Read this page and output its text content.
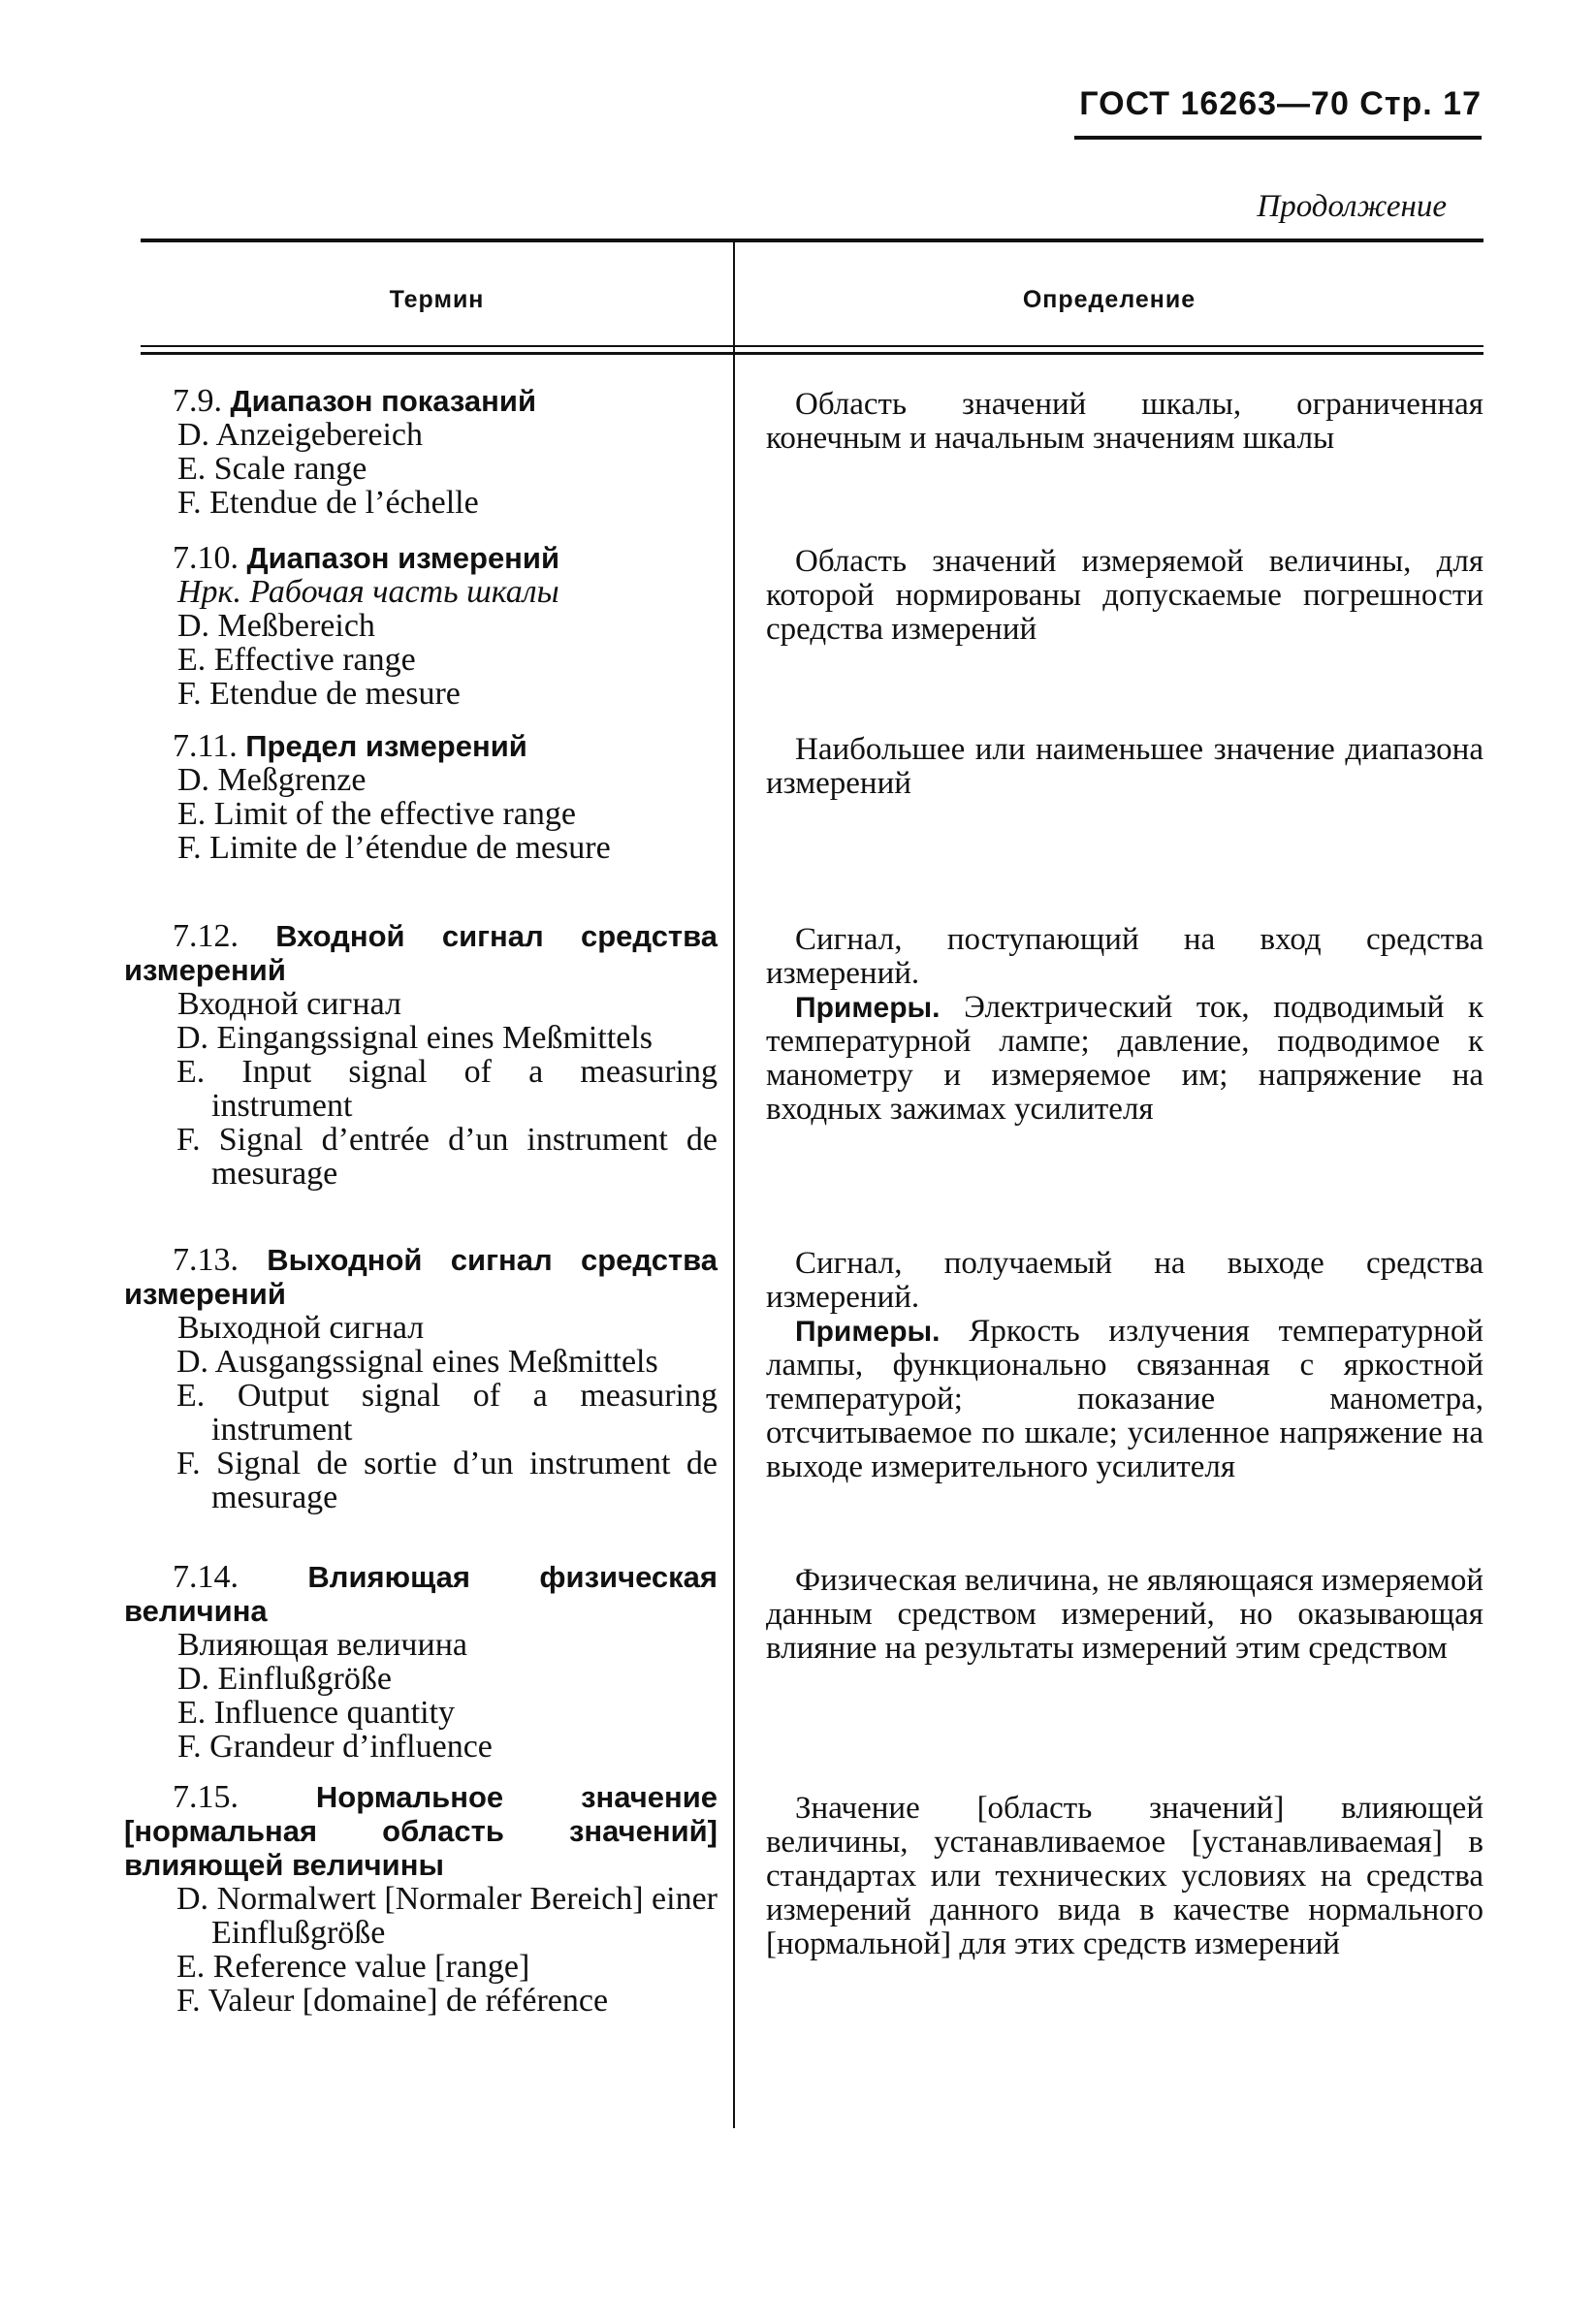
ГОСТ 16263—70 Стр. 17
Продолжение
Термин	Определение
7.9. Диапазон показаний
D. Anzeigebereich
E. Scale range
F. Etendue de l’échelle
Область значений шкалы, ограниченная конечным и начальным значениям шкалы
7.10. Диапазон измерений
Нрк. Рабочая часть шкалы
D. Meßbereich
E. Effective range
F. Etendue de mesure
Область значений измеряемой величины, для которой нормированы допускаемые погрешности средства измерений
7.11. Предел измерений
D. Meßgrenze
E. Limit of the effective range
F. Limite de l’étendue de mesure
Наибольшее или наименьшее значение диапазона измерений
7.12. Входной сигнал средства измерений
Входной сигнал
D. Eingangssignal eines Meßmittels
E. Input signal of a measuring instrument
F. Signal d’entrée d’un instrument de mesurage
Сигнал, поступающий на вход средства измерений.
Примеры. Электрический ток, подводимый к температурной лампе; давление, подводимое к манометру и измеряемое им; напряжение на входных зажимах усилителя
7.13. Выходной сигнал средства измерений
Выходной сигнал
D. Ausgangssignal eines Meßmittels
E. Output signal of a measuring instrument
F. Signal de sortie d’un instrument de mesurage
Сигнал, получаемый на выходе средства измерений.
Примеры. Яркость излучения температурной лампы, функционально связанная с яркостной температурой; показание манометра, отсчитываемое по шкале; усиленное напряжение на выходе измерительного усилителя
7.14. Влияющая физическая величина
Влияющая величина
D. Einflußgröße
E. Influence quantity
F. Grandeur d’influence
Физическая величина, не являющаяся измеряемой данным средством измерений, но оказывающая влияние на результаты измерений этим средством
7.15.	Нормальное значение [нормальная область значений] влияющей величины
D. Normalwert [Normaler Bereich] einer Einflußgröße
E. Reference value [range]
F. Valeur [domaine] de référence
Значение [область значений] влияющей величины, устанавливаемое [устанавливаемая] в стандартах или технических условиях на средства измерений данного вида в качестве нормального [нормальной] для этих средств измерений
